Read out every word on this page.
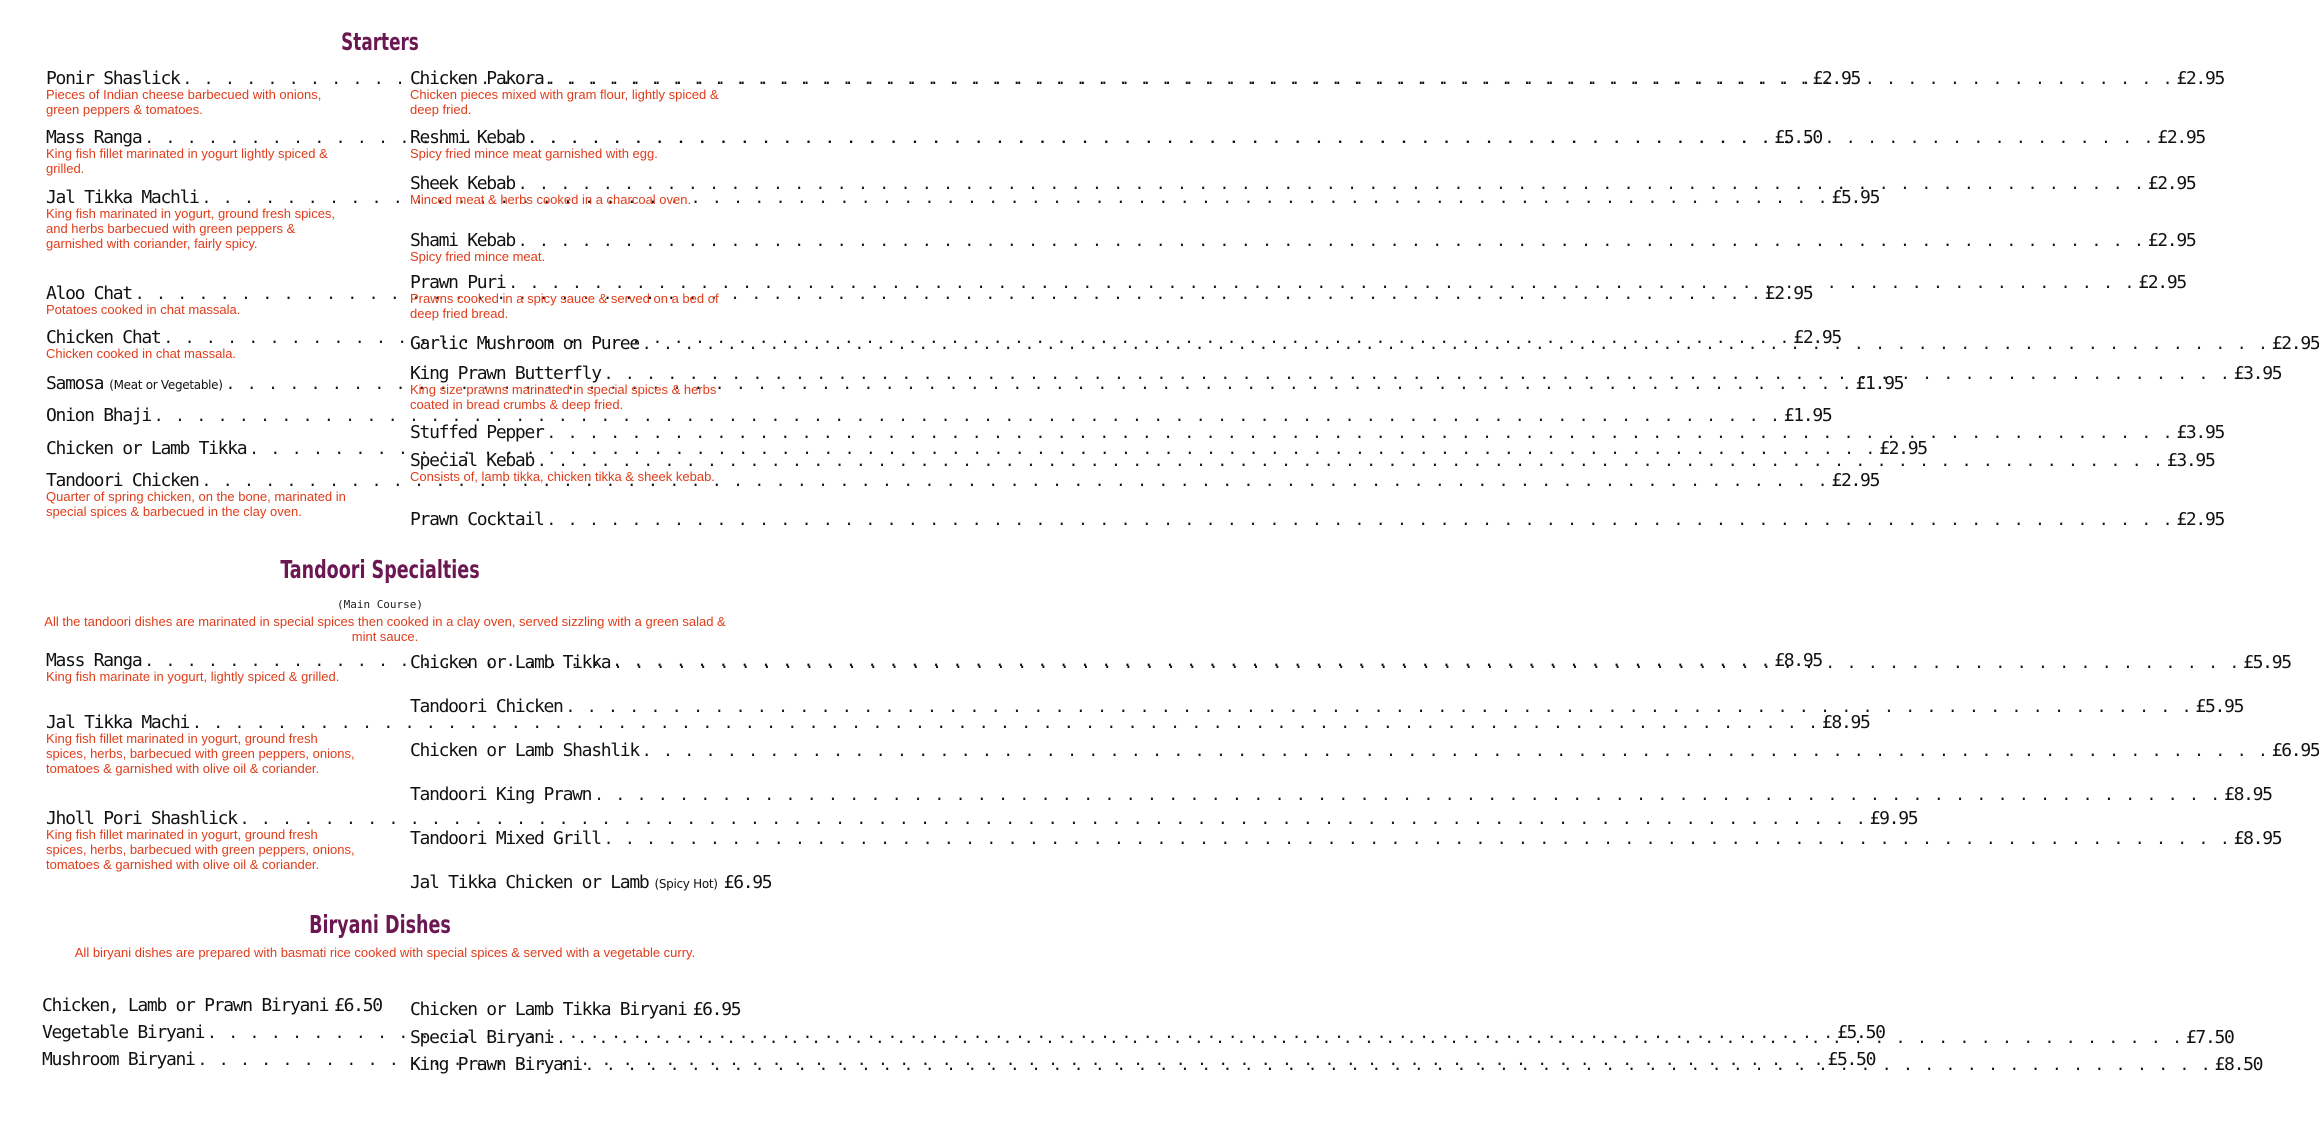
Starters
Tandoori Specialties
(Main Course)
All the tandoori dishes are marinated in special spices then cooked in a clay oven, served sizzling with a green salad & mint sauce.
Biryani Dishes
All biryani dishes are prepared with basmati rice cooked with special spices & served with a vegetable curry.
Ponir Shaslick . . .	£2.95
Pieces of Indian cheese barbecued with onions, green peppers & tomatoes.
Mass Ranga . . .	£5.50
King fish fillet marinated in yogurt lightly spiced & grilled.
Jal Tikka Machli . . .	£5.95
King fish marinated in yogurt, ground fresh spices, and herbs barbecued with green peppers & garnished with coriander, fairly spicy.
Aloo Chat . . .	£2.95
Potatoes cooked in chat massala.
Chicken Chat . . .	£2.95
Chicken cooked in chat massala.
Samosa (Meat or Vegetable) . . .	£1.95
Onion Bhaji . . .	£1.95
Chicken or Lamb Tikka . . .	£2.95
Tandoori Chicken . . .	£2.95
Quarter of spring chicken, on the bone, marinated in special spices & barbecued in the clay oven.
Chicken Pakora . . .	£2.95
Chicken pieces mixed with gram flour, lightly spiced & deep fried.
Reshmi Kebab . . .	£2.95
Spicy fried mince meat garnished with egg.
Sheek Kebab . . .	£2.95
Minced meat & herbs cooked in a charcoal oven.
Shami Kebab . . .	£2.95
Spicy fried mince meat.
Prawn Puri . . .	£2.95
Prawns cooked in a spicy sauce & served on a bed of deep fried bread.
Garlic Mushroom on Puree . . .	£2.95
King Prawn Butterfly . . .	£3.95
King size prawns marinated in special spices & herbs coated in bread crumbs & deep fried.
Stuffed Pepper . . .	£3.95
Special Kebab . . .	£3.95
Consists of, lamb tikka, chicken tikka & sheek kebab.
Prawn Cocktail . . .	£2.95
Mass Ranga . . .	£8.95
King fish marinate in yogurt, lightly spiced & grilled.
Jal Tikka Machi . . .	£8.95
King fish fillet marinated in yogurt, ground fresh spices, herbs, barbecued with green peppers, onions, tomatoes & garnished with olive oil & coriander.
Jholl Pori Shashlick . . .	£9.95
King fish fillet marinated in yogurt, ground fresh spices, herbs, barbecued with green peppers, onions, tomatoes & garnished with olive oil & coriander.
Chicken or Lamb Tikka . . .	£5.95
Tandoori Chicken . . .	£5.95
Chicken or Lamb Shashlik . . .	£6.95
Tandoori King Prawn . . .	£8.95
Tandoori Mixed Grill . . .	£8.95
Jal Tikka Chicken or Lamb (Spicy Hot) £6.95
Chicken, Lamb or Prawn Biryani £6.50
Vegetable Biryani . . .	£5.50
Mushroom Biryani . . .	£5.50
Chicken or Lamb Tikka Biryani £6.95
Special Biryani . . .	£7.50
King Prawn Biryani . . .	£8.50
